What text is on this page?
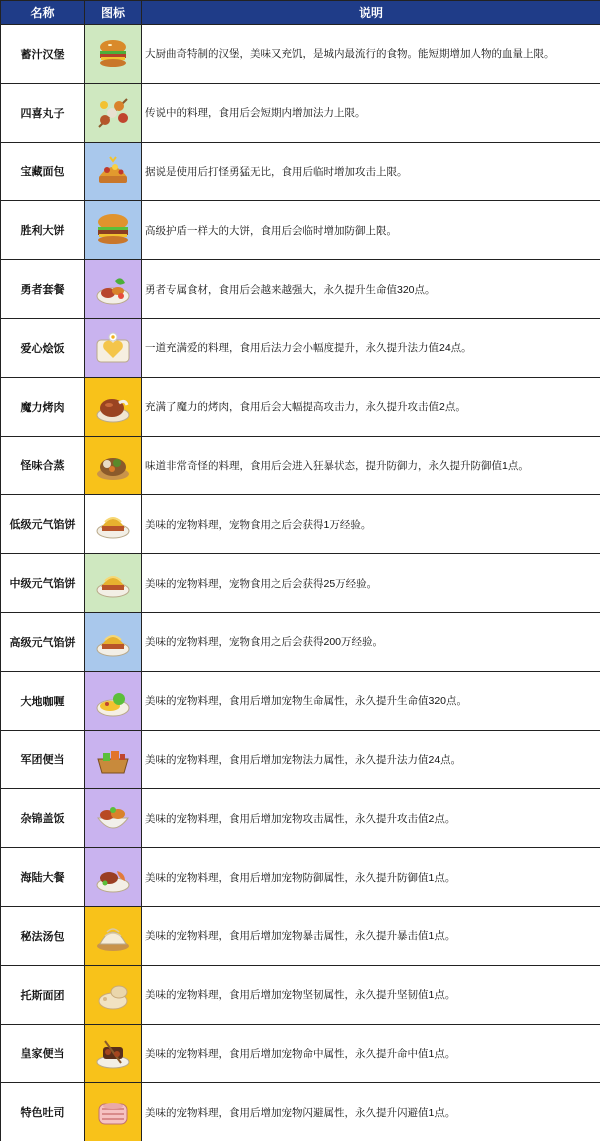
名称	图标	说明
蓄汁汉堡		大厨曲奇特制的汉堡，美味又充饥，是城内最流行的食物。能短期增加人物的血量上限。
四喜丸子		传说中的料理，食用后会短期内增加法力上限。
宝藏面包		据说是使用后打怪勇猛无比，食用后临时增加攻击上限。
胜利大饼		高级护盾一样大的大饼，食用后会临时增加防御上限。
勇者套餐		勇者专属食材，食用后会越来越强大，永久提升生命值320点。
爱心烩饭		一道充满爱的料理，食用后法力会小幅度提升，永久提升法力值24点。
魔力烤肉		充满了魔力的烤肉，食用后会大幅提高攻击力，永久提升攻击值2点。
怪味合蒸		味道非常奇怪的料理，食用后会进入狂暴状态，提升防御力，永久提升防御值1点。
低级元气馅饼		美味的宠物料理，宠物食用之后会获得1万经验。
中级元气馅饼		美味的宠物料理，宠物食用之后会获得25万经验。
高级元气馅饼		美味的宠物料理，宠物食用之后会获得200万经验。
大地咖喱		美味的宠物料理，食用后增加宠物生命属性，永久提升生命值320点。
军团便当		美味的宠物料理，食用后增加宠物法力属性，永久提升法力值24点。
杂锦盖饭		美味的宠物料理，食用后增加宠物攻击属性，永久提升攻击值2点。
海陆大餐		美味的宠物料理，食用后增加宠物防御属性，永久提升防御值1点。
秘法汤包		美味的宠物料理，食用后增加宠物暴击属性，永久提升暴击值1点。
托斯面团		美味的宠物料理，食用后增加宠物坚韧属性，永久提升坚韧值1点。
皇家便当		美味的宠物料理，食用后增加宠物命中属性，永久提升命中值1点。
特色吐司		美味的宠物料理，食用后增加宠物闪避属性，永久提升闪避值1点。
